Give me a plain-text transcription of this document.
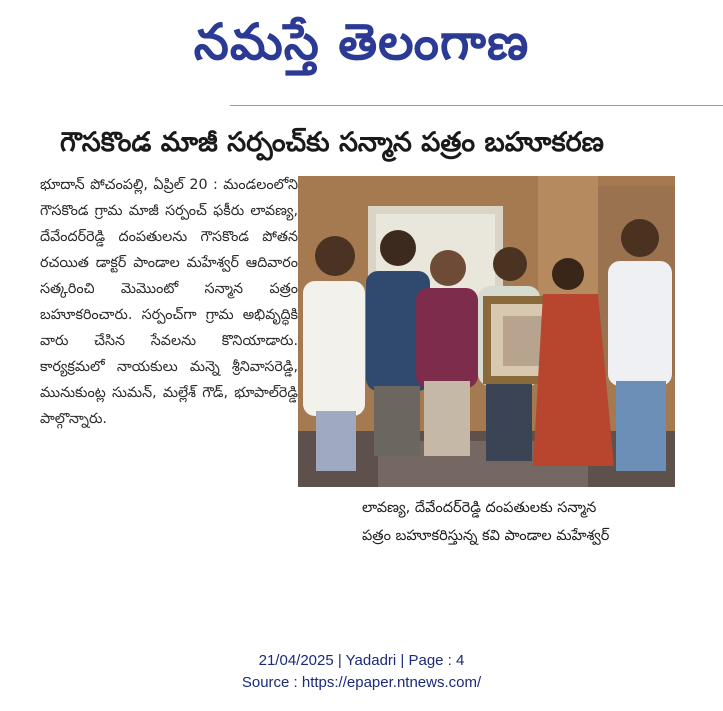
నమస్తే తెలంగాణ
గౌసకొండ మాజీ సర్పంచ్‌కు సన్మాన పత్రం బహూకరణ
భూదాన్ పోచంపల్లి, ఏప్రిల్ 20 : మండలంలోని గౌసకొండ గ్రామ మాజీ సర్పంచ్ ఫకీరు లావణ్య, దేవేందర్‌రెడ్డి దంపతులను గౌసకొండ పోతన రచయిత డాక్టర్ పాండాల మహేశ్వర్ ఆదివారం సత్కరించి మెమొంటో సన్మాన పత్రం బహూకరించారు. సర్పంచ్‌గా గ్రామ అభివృద్ధికి వారు చేసిన సేవలను కొనియాడారు. కార్యక్రమలో నాయకులు మన్నె శ్రీనివాసరెడ్డి, మునుకుంట్ల సుమన్, మల్లేశ్ గౌడ్, భూపాల్‌రెడ్డి పాల్గొన్నారు.
లావణ్య, దేవేందర్‌రెడ్డి దంపతులకు సన్మాన
పత్రం బహూకరిస్తున్న కవి పాండాల మహేశ్వర్
21/04/2025 | Yadadri | Page : 4
Source : https://epaper.ntnews.com/
